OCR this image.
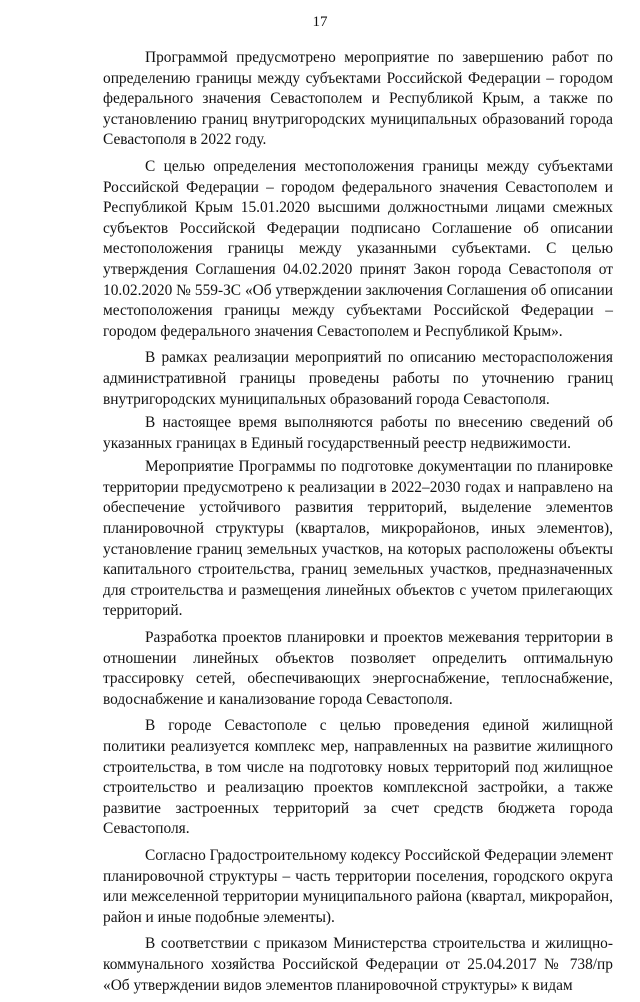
17

Программой предусмотрено мероприятие по завершению работ по определению границы между субъектами Российской Федерации – городом федерального значения Севастополем и Республикой Крым, а также по установлению границ внутригородских муниципальных образований города Севастополя в 2022 году.

С целью определения местоположения границы между субъектами Российской Федерации – городом федерального значения Севастополем и Республикой Крым 15.01.2020 высшими должностными лицами смежных субъектов Российской Федерации подписано Соглашение об описании местоположения границы между указанными субъектами. С целью утверждения Соглашения 04.02.2020 принят Закон города Севастополя от 10.02.2020 № 559-ЗС «Об утверждении заключения Соглашения об описании местоположения границы между субъектами Российской Федерации – городом федерального значения Севастополем и Республикой Крым».

В рамках реализации мероприятий по описанию месторасположения административной границы проведены работы по уточнению границ внутригородских муниципальных образований города Севастополя.

В настоящее время выполняются работы по внесению сведений об указанных границах в Единый государственный реестр недвижимости.

Мероприятие Программы по подготовке документации по планировке территории предусмотрено к реализации в 2022–2030 годах и направлено на обеспечение устойчивого развития территорий, выделение элементов планировочной структуры (кварталов, микрорайонов, иных элементов), установление границ земельных участков, на которых расположены объекты капитального строительства, границ земельных участков, предназначенных для строительства и размещения линейных объектов с учетом прилегающих территорий.

Разработка проектов планировки и проектов межевания территории в отношении линейных объектов позволяет определить оптимальную трассировку сетей, обеспечивающих энергоснабжение, теплоснабжение, водоснабжение и канализование города Севастополя.

В городе Севастополе с целью проведения единой жилищной политики реализуется комплекс мер, направленных на развитие жилищного строительства, в том числе на подготовку новых территорий под жилищное строительство и реализацию проектов комплексной застройки, а также развитие застроенных территорий за счет средств бюджета города Севастополя.

Согласно Градостроительному кодексу Российской Федерации элемент планировочной структуры – часть территории поселения, городского округа или межселенной территории муниципального района (квартал, микрорайон, район и иные подобные элементы).

В соответствии с приказом Министерства строительства и жилищно-коммунального хозяйства Российской Федерации от 25.04.2017 № 738/пр «Об утверждении видов элементов планировочной структуры» к видам
